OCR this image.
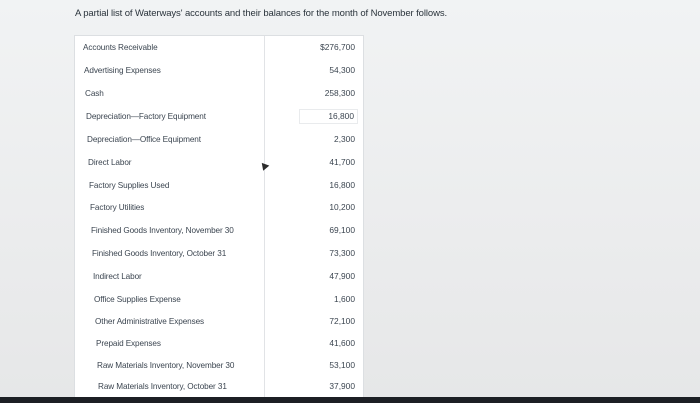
A partial list of Waterways' accounts and their balances for the month of November follows.
Accounts Receivable	$276,700
Advertising Expenses	54,300
Cash	258,300
Depreciation—Factory Equipment	16,800
Depreciation—Office Equipment	2,300
Direct Labor	41,700
Factory Supplies Used	16,800
Factory Utilities	10,200
Finished Goods Inventory, November 30	69,100
Finished Goods Inventory, October 31	73,300
Indirect Labor	47,900
Office Supplies Expense	1,600
Other Administrative Expenses	72,100
Prepaid Expenses	41,600
Raw Materials Inventory, November 30	53,100
Raw Materials Inventory, October 31	37,900
